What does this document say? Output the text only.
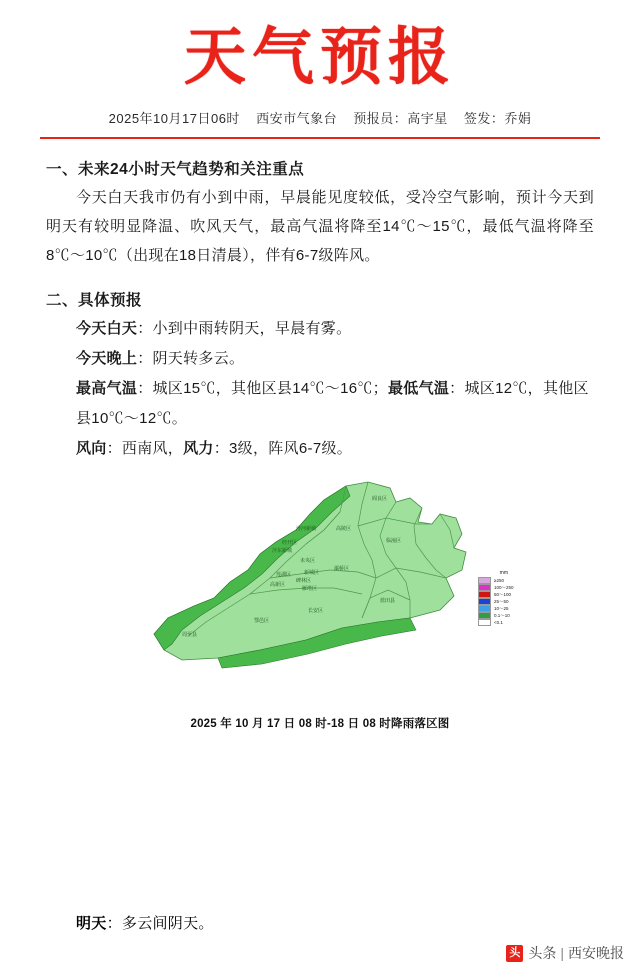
天气预报
2025年10月17日06时 西安市气象台 预报员：高宇星 签发：乔娟
一、未来24小时天气趋势和关注重点

今天白天我市仍有小到中雨，早晨能见度较低，受冷空气影响，预计今天到明天有较明显降温、吹风天气，最高气温将降至14℃～15℃，最低气温将降至8℃～10℃（出现在18日清晨），伴有6-7级阵风。

二、具体预报

今天白天：小到中雨转阴天，早晨有雾。

今天晚上：阴天转多云。

最高气温：城区15℃，其他区县14℃～16℃；最低气温：城区12℃，其他区县10℃～12℃。

风向：西南风，风力：3级，阵风6-7级。

阎良区
高陵区
临潼区
泾河新城
经开区
沣东新城
未央区
灞桥区
莲湖区	新城区
碑林区
雁塔区
高新区
长安区
蓝田县
鄠邑区
周至县
mm
≥250
100～250
50～100
25～50
10～25
0.1～10
<0.1
2025 年 10 月 17 日 08 时-18 日 08 时降雨落区图

明天：多云间阴天。

头 头条 | 西安晚报
